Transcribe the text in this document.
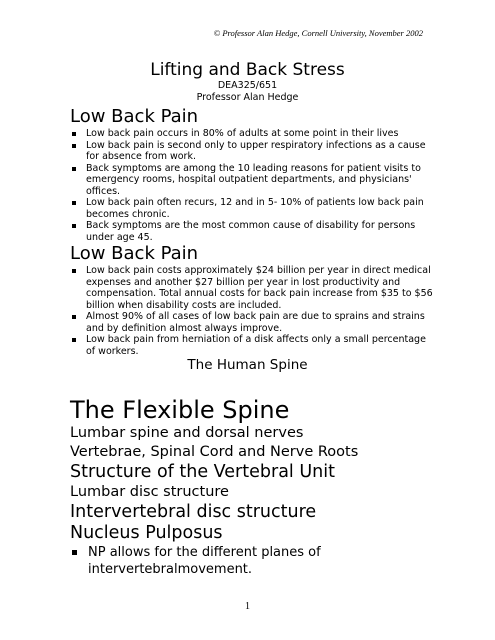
© Professor Alan Hedge, Cornell University, November 2002
Lifting and Back Stress
DEA325/651
Professor Alan Hedge
Low Back Pain
Low back pain occurs in 80% of adults at some point in their lives
Low back pain is second only to upper respiratory infections as a cause for absence from work.
Back symptoms are among the 10 leading reasons for patient visits to emergency rooms, hospital outpatient departments, and physicians' offices.
Low back pain often recurs, 12 and in 5- 10% of patients low back pain becomes chronic.
Back symptoms are the most common cause of disability for persons under age 45.
Low Back Pain
Low back pain costs approximately $24 billion per year in direct medical expenses and another $27 billion per year in lost productivity and compensation. Total annual costs for back pain increase from $35 to $56 billion when disability costs are included.
Almost 90% of all cases of low back pain are due to sprains and strains and by definition almost always improve.
Low back pain from herniation of a disk affects only a small percentage of workers.
The Human Spine
The Flexible Spine
Lumbar spine and dorsal nerves
Vertebrae, Spinal Cord and Nerve Roots
Structure of the Vertebral Unit
Lumbar disc structure
Intervertebral disc structure
Nucleus Pulposus
NP allows for the different planes of intervertebralmovement.
1
